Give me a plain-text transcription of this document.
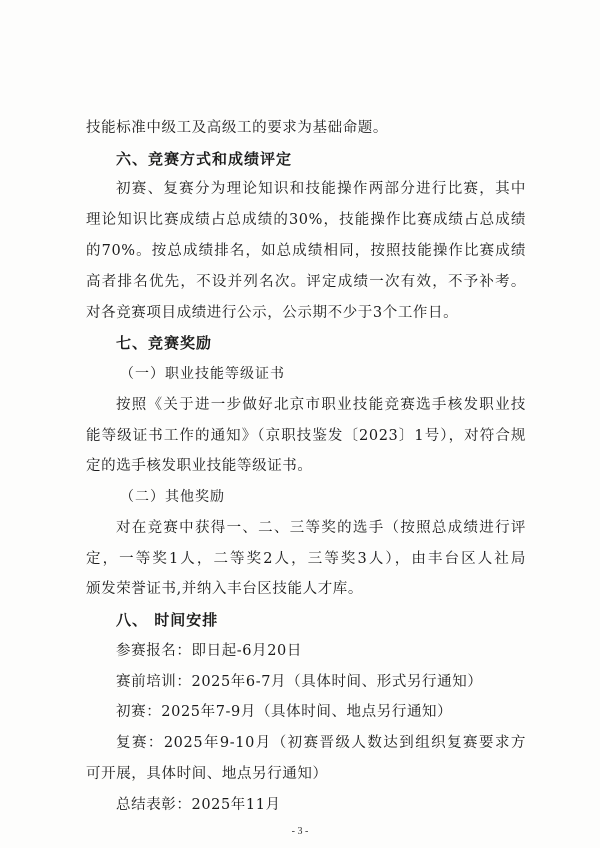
技能标准中级工及高级工的要求为基础命题。
六、竞赛方式和成绩评定
初赛、复赛分为理论知识和技能操作两部分进行比赛，其中
理论知识比赛成绩占总成绩的30%，技能操作比赛成绩占总成绩
的70%。按总成绩排名，如总成绩相同，按照技能操作比赛成绩
高者排名优先，不设并列名次。评定成绩一次有效，不予补考。
对各竞赛项目成绩进行公示，公示期不少于3个工作日。
七、竞赛奖励
（一）职业技能等级证书
按照《关于进一步做好北京市职业技能竞赛选手核发职业技
能等级证书工作的通知》（京职技鉴发〔2023〕1号），对符合规
定的选手核发职业技能等级证书。
（二）其他奖励
对在竞赛中获得一、二、三等奖的选手（按照总成绩进行评
定，一等奖1人，二等奖2人，三等奖3人），由丰台区人社局
颁发荣誉证书,并纳入丰台区技能人才库。
八、 时间安排
参赛报名：即日起-6月20日
赛前培训：2025年6-7月（具体时间、形式另行通知）
初赛：2025年7-9月（具体时间、地点另行通知）
复赛：2025年9-10月（初赛晋级人数达到组织复赛要求方
可开展，具体时间、地点另行通知）
总结表彰：2025年11月
- 3 -
